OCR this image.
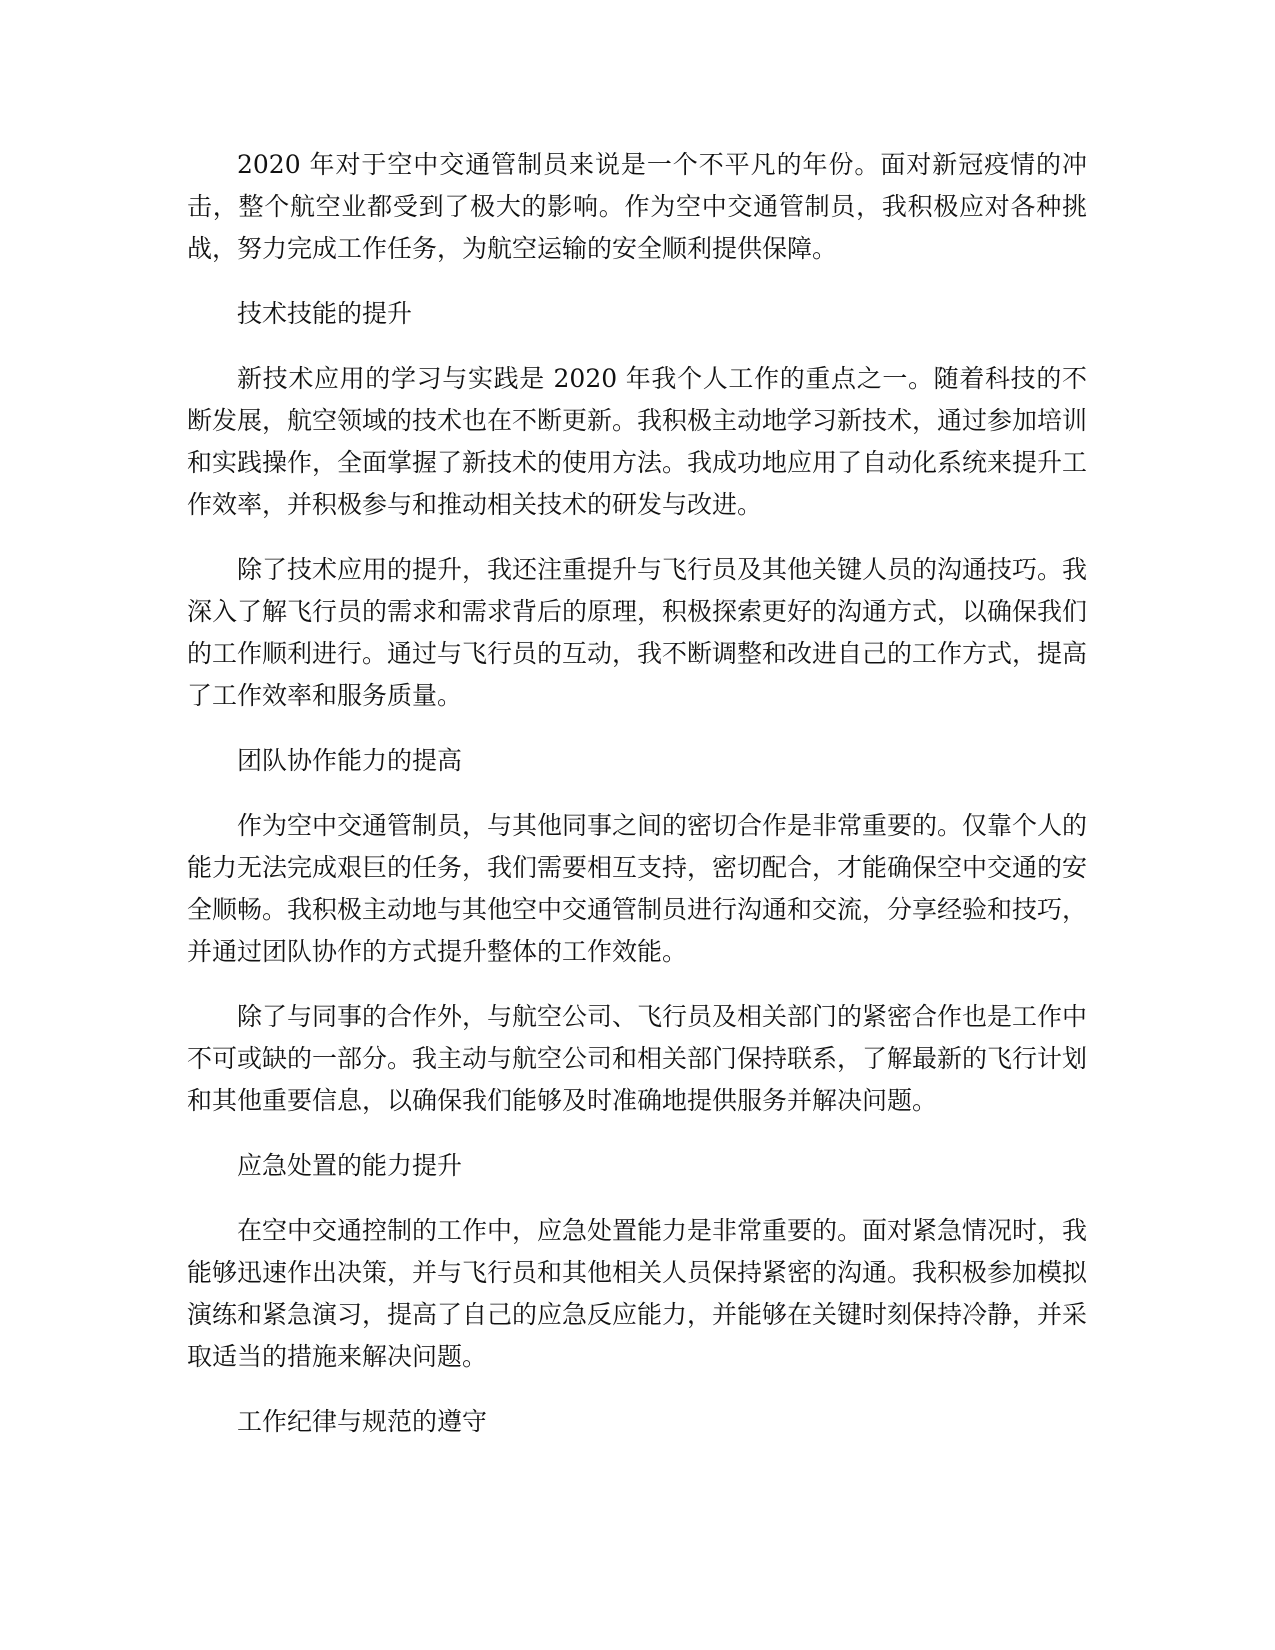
2020 年对于空中交通管制员来说是一个不平凡的年份。面对新冠疫情的冲击，整个航空业都受到了极大的影响。作为空中交通管制员，我积极应对各种挑战，努力完成工作任务，为航空运输的安全顺利提供保障。

技术技能的提升

新技术应用的学习与实践是 2020 年我个人工作的重点之一。随着科技的不断发展，航空领域的技术也在不断更新。我积极主动地学习新技术，通过参加培训和实践操作，全面掌握了新技术的使用方法。我成功地应用了自动化系统来提升工作效率，并积极参与和推动相关技术的研发与改进。

除了技术应用的提升，我还注重提升与飞行员及其他关键人员的沟通技巧。我深入了解飞行员的需求和需求背后的原理，积极探索更好的沟通方式，以确保我们的工作顺利进行。通过与飞行员的互动，我不断调整和改进自己的工作方式，提高了工作效率和服务质量。

团队协作能力的提高

作为空中交通管制员，与其他同事之间的密切合作是非常重要的。仅靠个人的能力无法完成艰巨的任务，我们需要相互支持，密切配合，才能确保空中交通的安全顺畅。我积极主动地与其他空中交通管制员进行沟通和交流，分享经验和技巧，并通过团队协作的方式提升整体的工作效能。

除了与同事的合作外，与航空公司、飞行员及相关部门的紧密合作也是工作中不可或缺的一部分。我主动与航空公司和相关部门保持联系，了解最新的飞行计划和其他重要信息，以确保我们能够及时准确地提供服务并解决问题。

应急处置的能力提升

在空中交通控制的工作中，应急处置能力是非常重要的。面对紧急情况时，我能够迅速作出决策，并与飞行员和其他相关人员保持紧密的沟通。我积极参加模拟演练和紧急演习，提高了自己的应急反应能力，并能够在关键时刻保持冷静，并采取适当的措施来解决问题。

工作纪律与规范的遵守
